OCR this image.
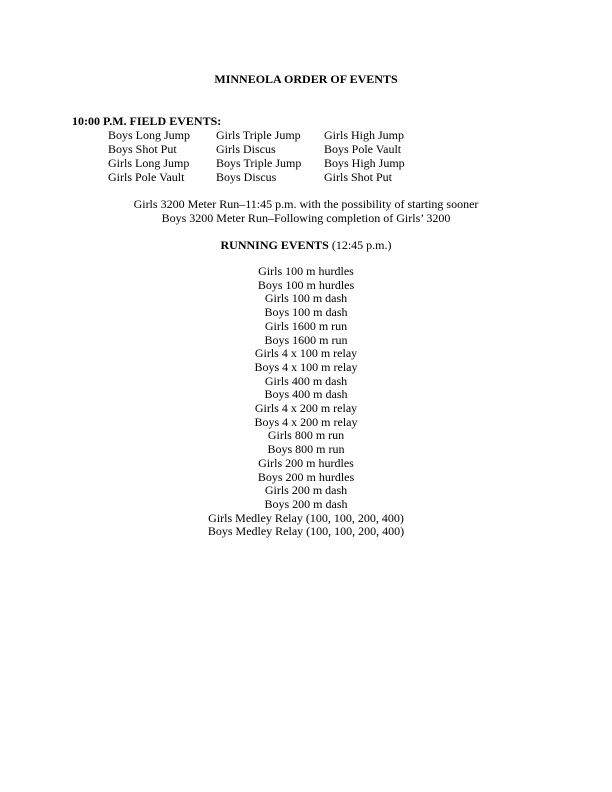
MINNEOLA ORDER OF EVENTS
10:00 P.M. FIELD EVENTS:
Boys Long Jump	Girls Triple Jump	Girls High Jump
Boys Shot Put	Girls Discus	Boys Pole Vault
Girls Long Jump	Boys Triple Jump	Boys High Jump
Girls Pole Vault	Boys Discus	Girls Shot Put
Girls 3200 Meter Run–11:45 p.m. with the possibility of starting sooner
Boys 3200 Meter Run–Following completion of Girls’ 3200
RUNNING EVENTS (12:45 p.m.)
Girls 100 m hurdles
Boys 100 m hurdles
Girls 100 m dash
Boys 100 m dash
Girls 1600 m run
Boys 1600 m run
Girls 4 x 100 m relay
Boys 4 x 100 m relay
Girls 400 m dash
Boys 400 m dash
Girls 4 x 200 m relay
Boys 4 x 200 m relay
Girls 800 m run
Boys 800 m run
Girls 200 m hurdles
Boys 200 m hurdles
Girls 200 m dash
Boys 200 m dash
Girls Medley Relay (100, 100, 200, 400)
Boys Medley Relay (100, 100, 200, 400)
